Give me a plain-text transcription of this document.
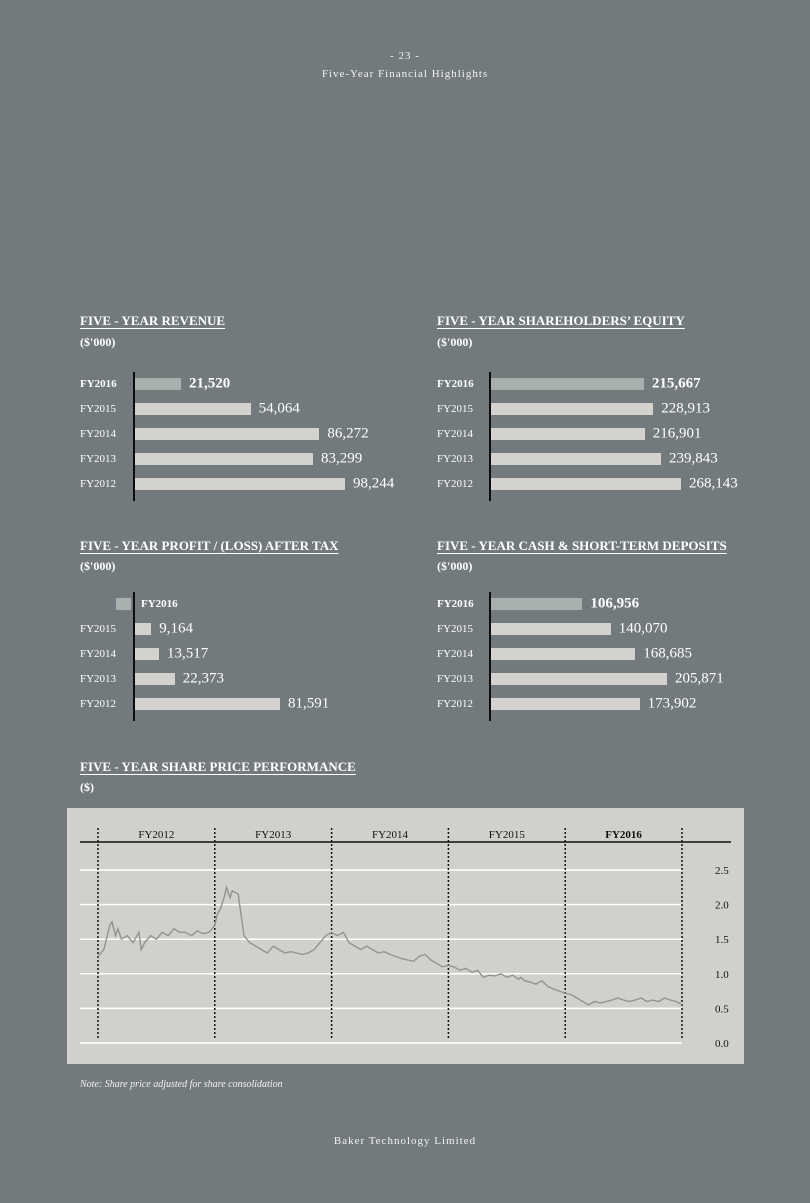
- 23 -
Five-Year Financial Highlights
FIVE - YEAR REVENUE
($'000)
FY2016	21,520
FY2015	54,064
FY2014	86,272
FY2013	83,299
FY2012	98,244
FIVE - YEAR SHAREHOLDERS’ EQUITY
($'000)
FY2016	215,667
FY2015	228,913
FY2014	216,901
FY2013	239,843
FY2012	268,143
FIVE - YEAR PROFIT / (LOSS) AFTER TAX
($'000)
FY2016
FY2015	9,164
FY2014	13,517
FY2013	22,373
FY2012	81,591
FIVE - YEAR CASH & SHORT-TERM DEPOSITS
($'000)
FY2016	106,956
FY2015	140,070
FY2014	168,685
FY2013	205,871
FY2012	173,902
FIVE - YEAR SHARE PRICE PERFORMANCE
($)
0.0
0.5
1.0
1.5
2.0
2.5
FY2012	FY2013	FY2014	FY2015	FY2016
Note: Share price adjusted for share consolidation
Baker Technology Limited
